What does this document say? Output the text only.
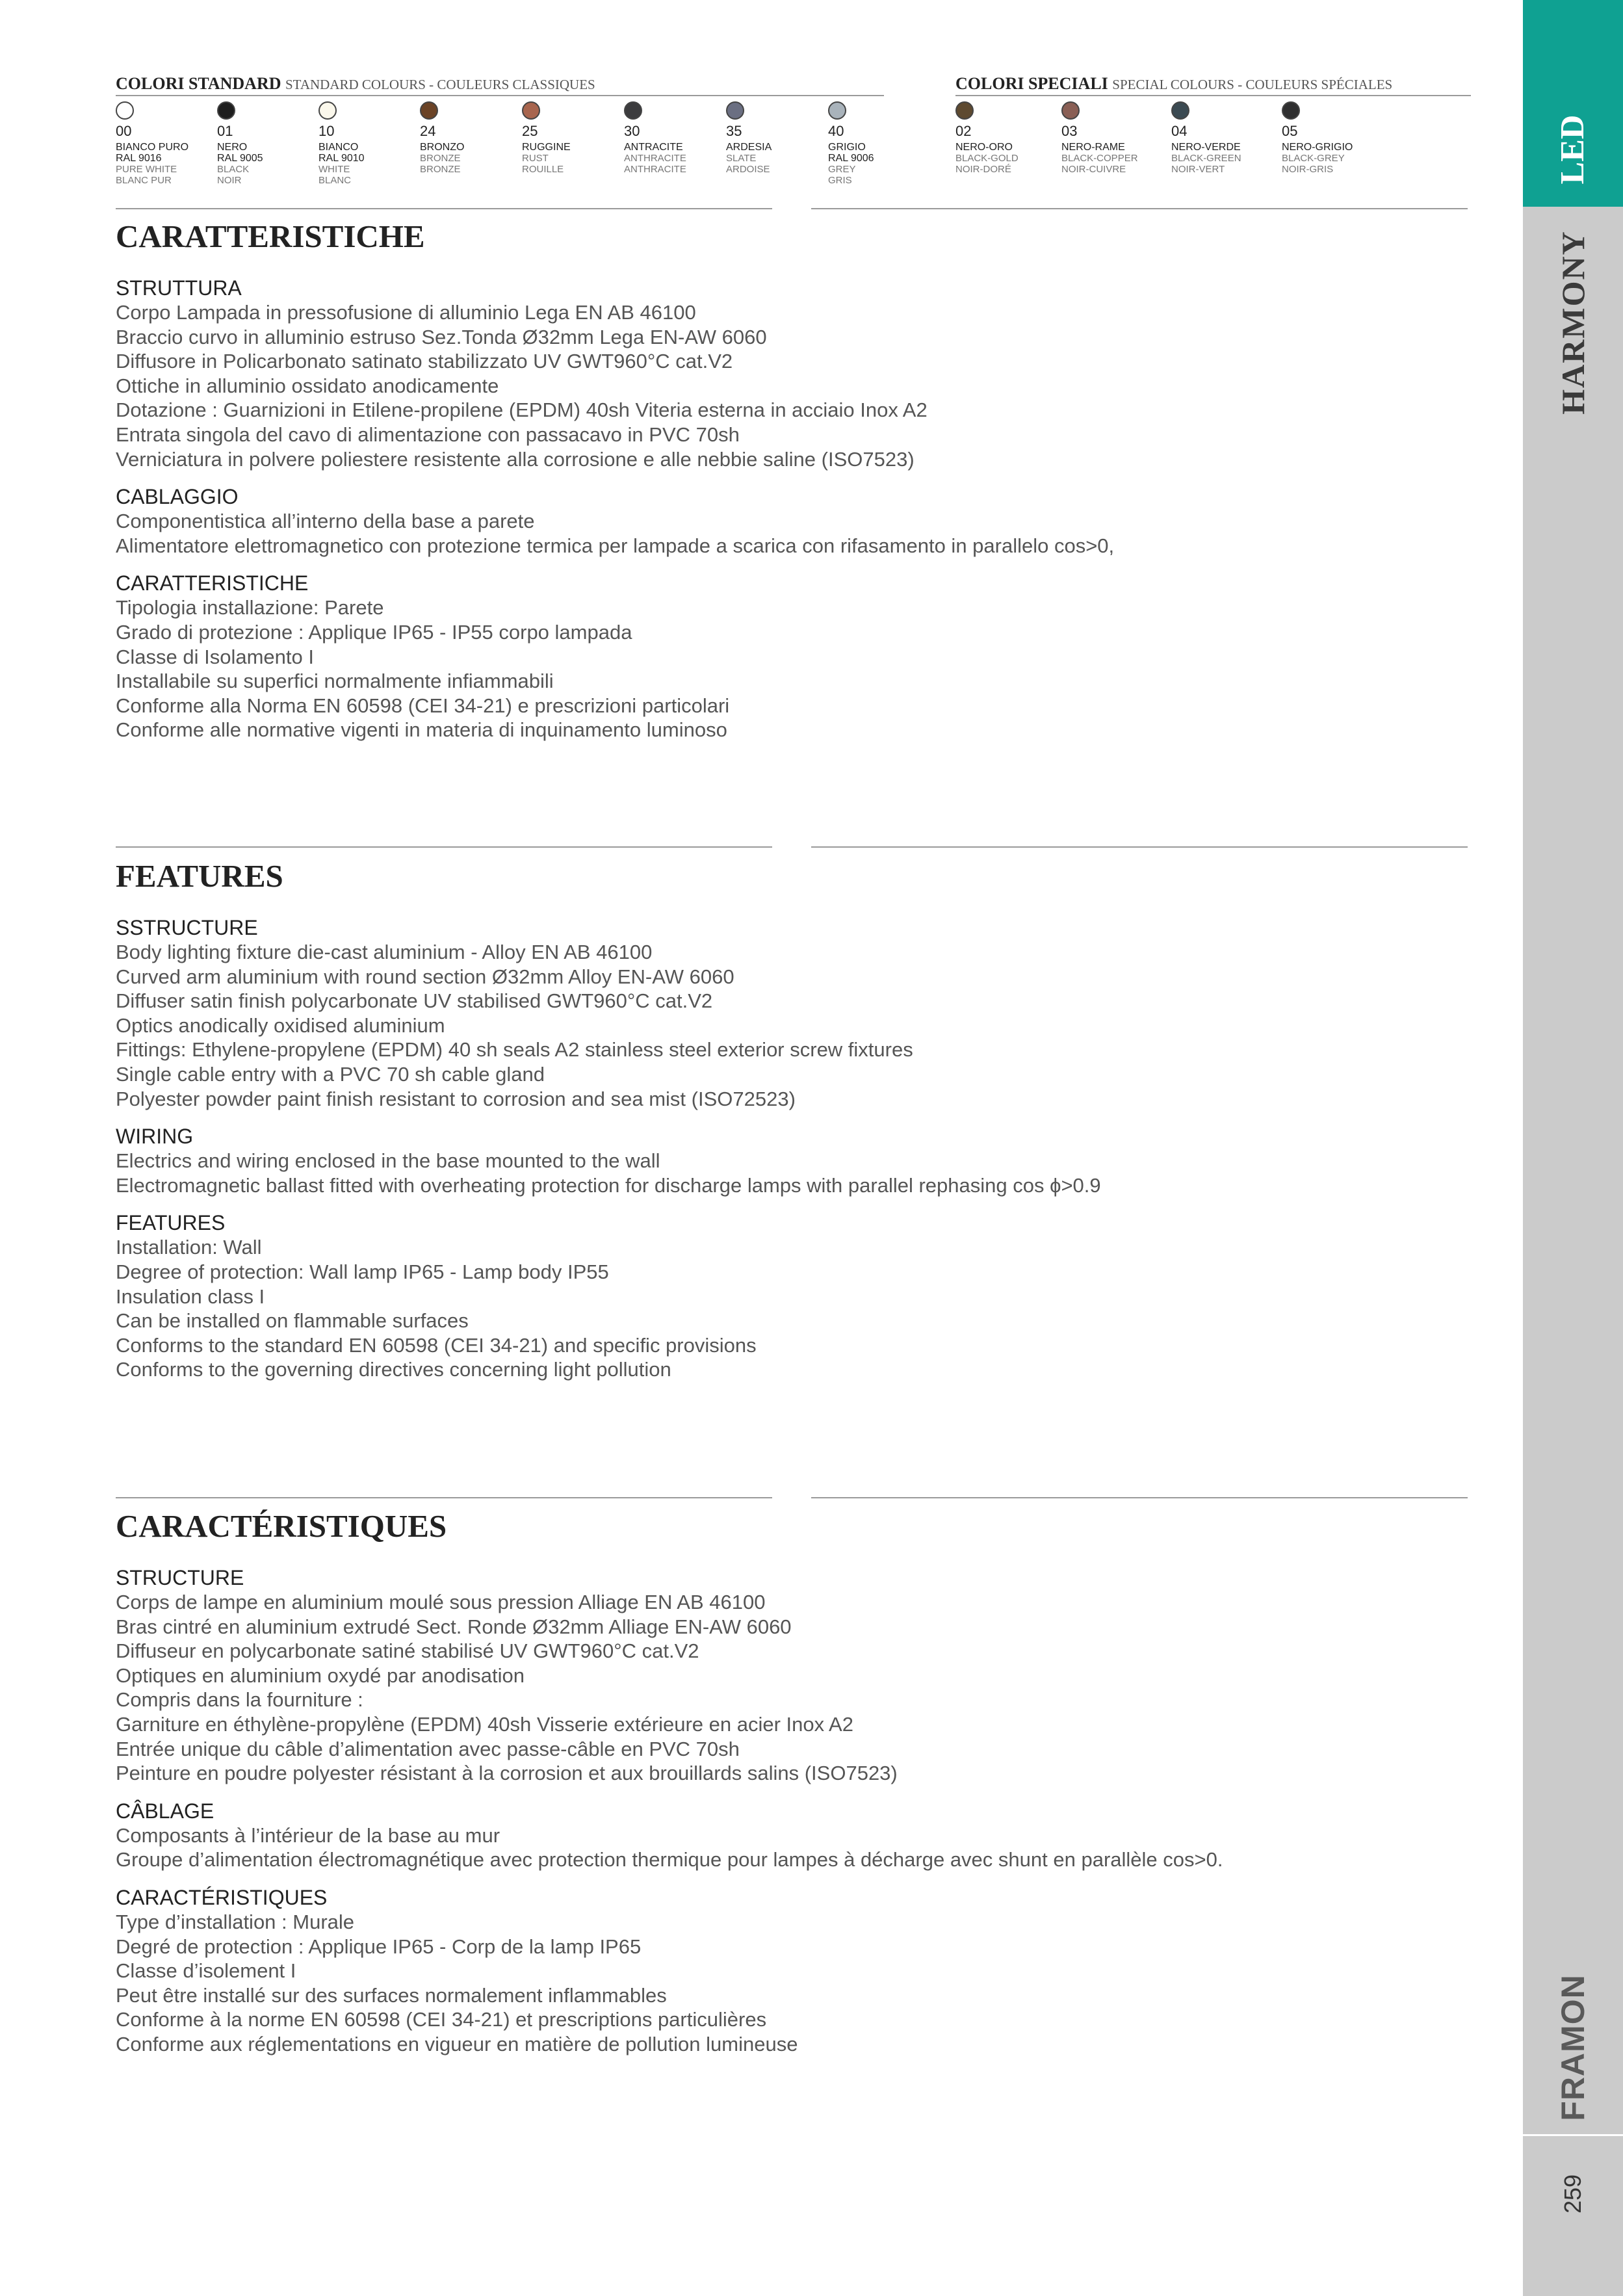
LED
HARMONY
FRAMON
259
COLORI STANDARD STANDARD COLOURS - COULEURS CLASSIQUES	COLORI SPECIALI SPECIAL COLOURS - COULEURS SPÉCIALES
00
BIANCO PURO
RAL 9016
PURE WHITE
BLANC PUR
01
NERO
RAL 9005
BLACK
NOIR
10
BIANCO
RAL 9010
WHITE
BLANC
24
BRONZO
BRONZE
BRONZE
25
RUGGINE
RUST
ROUILLE
30
ANTRACITE
ANTHRACITE
ANTHRACITE
35
ARDESIA
SLATE
ARDOISE
40
GRIGIO
RAL 9006
GREY
GRIS
02
NERO-ORO
BLACK-GOLD
NOIR-DORÉ
03
NERO-RAME
BLACK-COPPER
NOIR-CUIVRE
04
NERO-VERDE
BLACK-GREEN
NOIR-VERT
05
NERO-GRIGIO
BLACK-GREY
NOIR-GRIS
CARATTERISTICHE
STRUTTURA
Corpo Lampada in pressofusione di alluminio Lega EN AB 46100
Braccio curvo in alluminio estruso Sez.Tonda Ø32mm Lega EN-AW 6060
Diffusore in Policarbonato satinato stabilizzato UV GWT960°C cat.V2
Ottiche in alluminio ossidato anodicamente
Dotazione : Guarnizioni in Etilene-propilene (EPDM) 40sh Viteria esterna in acciaio Inox A2
Entrata singola del cavo di alimentazione con passacavo in PVC 70sh
Verniciatura in polvere poliestere resistente alla corrosione e alle nebbie saline (ISO7523)
CABLAGGIO
Componentistica all’interno della base a parete
Alimentatore elettromagnetico con protezione termica per lampade a scarica con rifasamento in parallelo cos>0,
CARATTERISTICHE
Tipologia installazione: Parete
Grado di protezione : Applique IP65 - IP55 corpo lampada
Classe di Isolamento I
Installabile su superfici normalmente infiammabili
Conforme alla Norma EN 60598 (CEI 34-21) e prescrizioni particolari
Conforme alle normative vigenti in materia di inquinamento luminoso
FEATURES
SSTRUCTURE
Body lighting fixture die-cast aluminium - Alloy EN AB 46100
Curved arm aluminium with round section Ø32mm Alloy EN-AW 6060
Diffuser satin finish polycarbonate UV stabilised GWT960°C cat.V2
Optics anodically oxidised aluminium
Fittings: Ethylene-propylene (EPDM) 40 sh seals A2 stainless steel exterior screw fixtures
Single cable entry with a PVC 70 sh cable gland
Polyester powder paint finish resistant to corrosion and sea mist (ISO72523)
WIRING
Electrics and wiring enclosed in the base mounted to the wall
Electromagnetic ballast fitted with overheating protection for discharge lamps with parallel rephasing cos ϕ>0.9
FEATURES
Installation: Wall
Degree of protection: Wall lamp IP65 - Lamp body IP55
Insulation class I
Can be installed on flammable surfaces
Conforms to the standard EN 60598 (CEI 34-21) and specific provisions
Conforms to the governing directives concerning light pollution
CARACTÉRISTIQUES
STRUCTURE
Corps de lampe en aluminium moulé sous pression Alliage EN AB 46100
Bras cintré en aluminium extrudé Sect. Ronde Ø32mm Alliage EN-AW 6060
Diffuseur en polycarbonate satiné stabilisé UV GWT960°C cat.V2
Optiques en aluminium oxydé par anodisation
Compris dans la fourniture :
Garniture en éthylène-propylène (EPDM) 40sh Visserie extérieure en acier Inox A2
Entrée unique du câble d’alimentation avec passe-câble en PVC 70sh
Peinture en poudre polyester résistant à la corrosion et aux brouillards salins (ISO7523)
CÂBLAGE
Composants à l’intérieur de la base au mur
Groupe d’alimentation électromagnétique avec protection thermique pour lampes à décharge avec shunt en parallèle cos>0.
CARACTÉRISTIQUES
Type d’installation : Murale
Degré de protection : Applique IP65 - Corp de la lamp IP65
Classe d’isolement I
Peut être installé sur des surfaces normalement inflammables
Conforme à la norme EN 60598 (CEI 34-21) et prescriptions particulières
Conforme aux réglementations en vigueur en matière de pollution lumineuse
